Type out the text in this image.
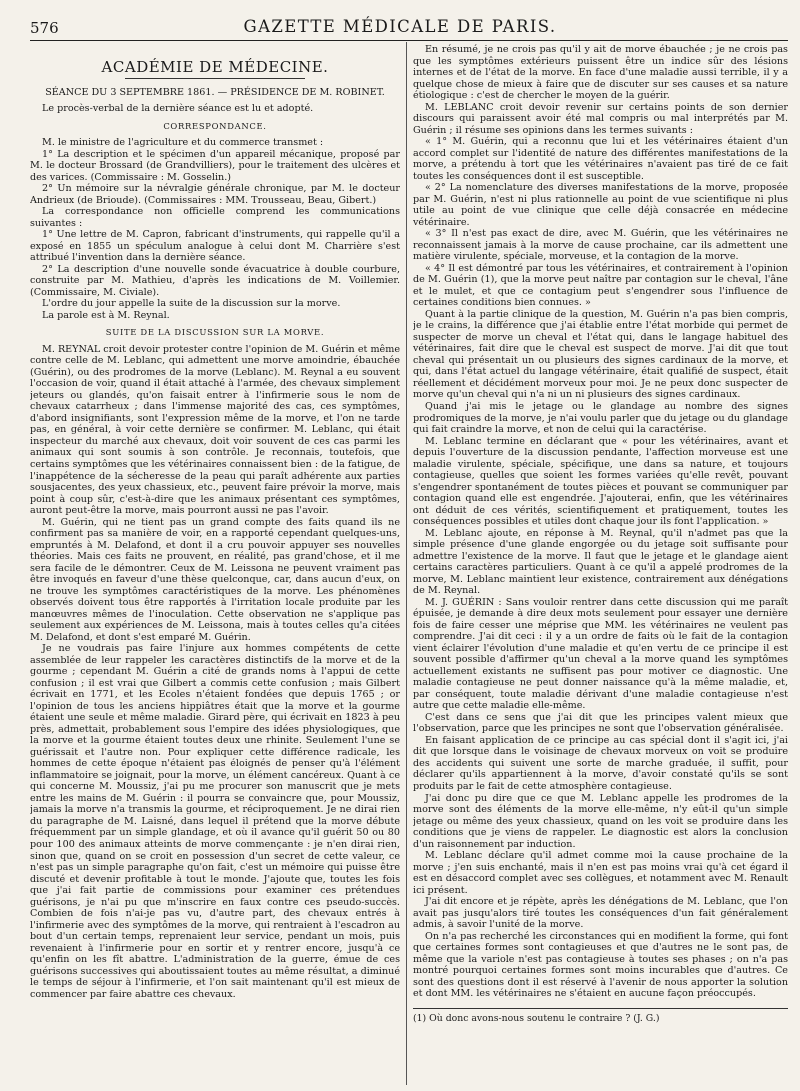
576	GAZETTE MÉDICALE DE PARIS.

ACADÉMIE DE MÉDECINE.

SÉANCE DU 3 SEPTEMBRE 1861. — PRÉSIDENCE DE M. ROBINET.

Le procès-verbal de la dernière séance est lu et adopté.

CORRESPONDANCE.

M. le ministre de l'agriculture et du commerce transmet :

1° La description et le spécimen d'un appareil mécanique, proposé par M. le docteur Brossard (de Grandvilliers), pour le traitement des ulcères et des varices. (Commissaire : M. Gosselin.)

2° Un mémoire sur la névralgie générale chronique, par M. le docteur Andrieux (de Brioude). (Commissaires : MM. Trousseau, Beau, Gibert.)

La correspondance non officielle comprend les communications suivantes :

1° Une lettre de M. Capron, fabricant d'instruments, qui rappelle qu'il a exposé en 1855 un spéculum analogue à celui dont M. Charrière s'est attribué l'invention dans la dernière séance.

2° La description d'une nouvelle sonde évacuatrice à double courbure, construite par M. Mathieu, d'après les indications de M. Voillemier. (Commissaire, M. Civiale).

L'ordre du jour appelle la suite de la discussion sur la morve.

La parole est à M. Reynal.

SUITE DE LA DISCUSSION SUR LA MORVE.

M. REYNAL croit devoir protester contre l'opinion de M. Guérin et même contre celle de M. Leblanc, qui admettent une morve amoindrie, ébauchée (Guérin), ou des prodromes de la morve (Leblanc). M. Reynal a eu souvent l'occasion de voir, quand il était attaché à l'armée, des chevaux simplement jeteurs ou glandés, qu'on faisait entrer à l'infirmerie sous le nom de chevaux catarrheux ; dans l'immense majorité des cas, ces symptômes, d'abord insignifiants, sont l'expression même de la morve, et l'on ne tarde pas, en général, à voir cette dernière se confirmer. M. Leblanc, qui était inspecteur du marché aux chevaux, doit voir souvent de ces cas parmi les animaux qui sont soumis à son contrôle. Je reconnais, toutefois, que certains symptômes que les vétérinaires connaissent bien : de la fatigue, de l'inappétence de la sécheresse de la peau qui paraît adhérente aux parties sousjacentes, des yeux chassieux, etc., peuvent faire prévoir la morve, mais point à coup sûr, c'est-à-dire que les animaux présentant ces symptômes, auront peut-être la morve, mais pourront aussi ne pas l'avoir.

M. Guérin, qui ne tient pas un grand compte des faits quand ils ne confirment pas sa manière de voir, en a rapporté cependant quelques-uns, empruntés à M. Delafond, et dont il a cru pouvoir appuyer ses nouvelles théories. Mais ces faits ne prouvent, en réalité, pas grand'chose, et il me sera facile de le démontrer. Ceux de M. Leissona ne peuvent vraiment pas être invoqués en faveur d'une thèse quelconque, car, dans aucun d'eux, on ne trouve les symptômes caractéristiques de la morve. Les phénomènes observés doivent tous être rapportés à l'irritation locale produite par les manœuvres mêmes de l'inoculation. Cette observation ne s'applique pas seulement aux expériences de M. Leissona, mais à toutes celles qu'a citées M. Delafond, et dont s'est emparé M. Guérin.

Je ne voudrais pas faire l'injure aux hommes compétents de cette assemblée de leur rappeler les caractères distinctifs de la morve et de la gourme ; cependant M. Guérin a cité de grands noms à l'appui de cette confusion ; il est vrai que Gilbert a commis cette confusion ; mais Gilbert écrivait en 1771, et les Ecoles n'étaient fondées que depuis 1765 ; or l'opinion de tous les anciens hippiâtres était que la morve et la gourme étaient une seule et même maladie. Girard père, qui écrivait en 1823 à peu près, admettait, probablement sous l'empire des idées physiologiques, que la morve et la gourme étaient toutes deux une rhinite. Seulement l'une se guérissait et l'autre non. Pour expliquer cette différence radicale, les hommes de cette époque n'étaient pas éloignés de penser qu'à l'élément inflammatoire se joignait, pour la morve, un élément cancéreux. Quant à ce qui concerne M. Moussiz, j'ai pu me procurer son manuscrit que je mets entre les mains de M. Guérin : il pourra se convaincre que, pour Moussiz, jamais la morve n'a transmis la gourme, et réciproquement. Je ne dirai rien du paragraphe de M. Laisné, dans lequel il prétend que la morve débute fréquemment par un simple glandage, et où il avance qu'il guérit 50 ou 80 pour 100 des animaux atteints de morve commençante : je n'en dirai rien, sinon que, quand on se croit en possession d'un secret de cette valeur, ce n'est pas un simple paragraphe qu'on fait, c'est un mémoire qui puisse être discuté et devenir profitable à tout le monde. J'ajoute que, toutes les fois que j'ai fait partie de commissions pour examiner ces prétendues guérisons, je n'ai pu que m'inscrire en faux contre ces pseudo-succès. Combien de fois n'ai-je pas vu, d'autre part, des chevaux entrés à l'infirmerie avec des symptômes de la morve, qui rentraient à l'escadron au bout d'un certain temps, reprenaient leur service, pendant un mois, puis revenaient à l'infirmerie pour en sortir et y rentrer encore, jusqu'à ce qu'enfin on les fît abattre. L'administration de la guerre, émue de ces guérisons successives qui aboutissaient toutes au même résultat, a diminué le temps de séjour à l'infirmerie, et l'on sait maintenant qu'il est mieux de commencer par faire abattre ces chevaux.

En résumé, je ne crois pas qu'il y ait de morve ébauchée ; je ne crois pas que les symptômes extérieurs puissent être un indice sûr des lésions internes et de l'état de la morve. En face d'une maladie aussi terrible, il y a quelque chose de mieux à faire que de discuter sur ses causes et sa nature étiologique : c'est de chercher le moyen de la guérir.

M. LEBLANC croit devoir revenir sur certains points de son dernier discours qui paraissent avoir été mal compris ou mal interprétés par M. Guérin ; il résume ses opinions dans les termes suivants :

« 1° M. Guérin, qui a reconnu que lui et les vétérinaires étaient d'un accord complet sur l'identité de nature des différentes manifestations de la morve, a prétendu à tort que les vétérinaires n'avaient pas tiré de ce fait toutes les conséquences dont il est susceptible.

« 2° La nomenclature des diverses manifestations de la morve, proposée par M. Guérin, n'est ni plus rationnelle au point de vue scientifique ni plus utile au point de vue clinique que celle déjà consacrée en médecine vétérinaire.

« 3° Il n'est pas exact de dire, avec M. Guérin, que les vétérinaires ne reconnaissent jamais à la morve de cause prochaine, car ils admettent une matière virulente, spéciale, morveuse, et la contagion de la morve.

« 4° Il est démontré par tous les vétérinaires, et contrairement à l'opinion de M. Guérin (1), que la morve peut naître par contagion sur le cheval, l'âne et le mulet, et que ce contagium peut s'engendrer sous l'influence de certaines conditions bien connues. »

Quant à la partie clinique de la question, M. Guérin n'a pas bien compris, je le crains, la différence que j'ai établie entre l'état morbide qui permet de suspecter de morve un cheval et l'état qui, dans le langage habituel des vétérinaires, fait dire que le cheval est suspect de morve. J'ai dit que tout cheval qui présentait un ou plusieurs des signes cardinaux de la morve, et qui, dans l'état actuel du langage vétérinaire, était qualifié de suspect, était réellement et décidément morveux pour moi. Je ne peux donc suspecter de morve qu'un cheval qui n'a ni un ni plusieurs des signes cardinaux.

Quand j'ai mis le jetage ou le glandage au nombre des signes prodromiques de la morve, je n'ai voulu parler que du jetage ou du glandage qui fait craindre la morve, et non de celui qui la caractérise.

M. Leblanc termine en déclarant que « pour les vétérinaires, avant et depuis l'ouverture de la discussion pendante, l'affection morveuse est une maladie virulente, spéciale, spécifique, une dans sa nature, et toujours contagieuse, quelles que soient les formes variées qu'elle revêt, pouvant s'engendrer spontanément de toutes pièces et pouvant se communiquer par contagion quand elle est engendrée. J'ajouterai, enfin, que les vétérinaires ont déduit de ces vérités, scientifiquement et pratiquement, toutes les conséquences possibles et utiles dont chaque jour ils font l'application. »

M. Leblanc ajoute, en réponse à M. Reynal, qu'il n'admet pas que la simple présence d'une glande engorgée ou du jetage soit suffisante pour admettre l'existence de la morve. Il faut que le jetage et le glandage aient certains caractères particuliers. Quant à ce qu'il a appelé prodromes de la morve, M. Leblanc maintient leur existence, contrairement aux dénégations de M. Reynal.

M. J. GUÉRIN : Sans vouloir rentrer dans cette discussion qui me paraît épuisée, je demande à dire deux mots seulement pour essayer une dernière fois de faire cesser une méprise que MM. les vétérinaires ne veulent pas comprendre. J'ai dit ceci : il y a un ordre de faits où le fait de la contagion vient éclairer l'évolution d'une maladie et qu'en vertu de ce principe il est souvent possible d'affirmer qu'un cheval a la morve quand les symptômes actuellement existants ne suffisent pas pour motiver ce diagnostic. Une maladie contagieuse ne peut donner naissance qu'à la même maladie, et, par conséquent, toute maladie dérivant d'une maladie contagieuse n'est autre que cette maladie elle-même.

C'est dans ce sens que j'ai dit que les principes valent mieux que l'observation, parce que les principes ne sont que l'observation généralisée.

En faisant application de ce principe au cas spécial dont il s'agit ici, j'ai dit que lorsque dans le voisinage de chevaux morveux on voit se produire des accidents qui suivent une sorte de marche graduée, il suffit, pour déclarer qu'ils appartiennent à la morve, d'avoir constaté qu'ils se sont produits par le fait de cette atmosphère contagieuse.

J'ai donc pu dire que ce que M. Leblanc appelle les prodromes de la morve sont des éléments de la morve elle-même, n'y eût-il qu'un simple jetage ou même des yeux chassieux, quand on les voit se produire dans les conditions que je viens de rappeler. Le diagnostic est alors la conclusion d'un raisonnement par induction.

M. Leblanc déclare qu'il admet comme moi la cause prochaine de la morve ; j'en suis enchanté, mais il n'en est pas moins vrai qu'à cet égard il est en désaccord complet avec ses collègues, et notamment avec M. Renault ici présent.

J'ai dit encore et je répète, après les dénégations de M. Leblanc, que l'on avait pas jusqu'alors tiré toutes les conséquences d'un fait généralement admis, à savoir l'unité de la morve.

On n'a pas recherché les circonstances qui en modifient la forme, qui font que certaines formes sont contagieuses et que d'autres ne le sont pas, de même que la variole n'est pas contagieuse à toutes ses phases ; on n'a pas montré pourquoi certaines formes sont moins incurables que d'autres. Ce sont des questions dont il est réservé à l'avenir de nous apporter la solution et dont MM. les vétérinaires ne s'étaient en aucune façon préoccupés.

(1) Où donc avons-nous soutenu le contraire ? (J. G.)
